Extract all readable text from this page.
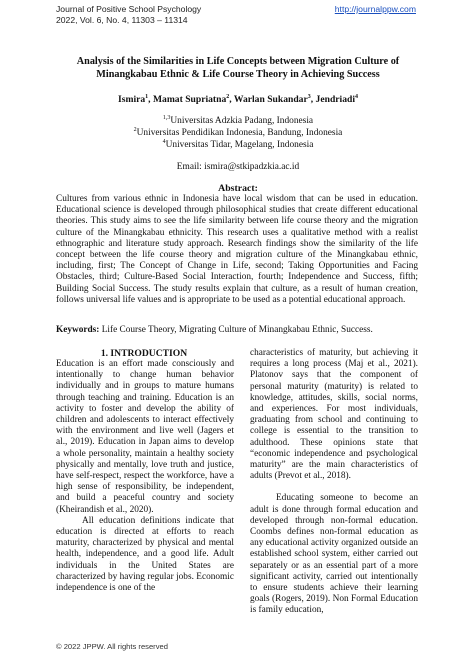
Journal of Positive School Psychology
2022, Vol. 6, No. 4, 11303 – 11314
http://journalppw.com
Analysis of the Similarities in Life Concepts between Migration Culture of Minangkabau Ethnic & Life Course Theory in Achieving Success
Ismira$^1$, Mamat Supriatna$^2$, Warlan Sukandar$^3$, Jendriadi$^4$
$^{1,3}$Universitas Adzkia Padang, Indonesia
$^2$Universitas Pendidikan Indonesia, Bandung, Indonesia
$^4$Universitas Tidar, Magelang, Indonesia
Email: ismira@stkipadzkia.ac.id
Abstract:
Cultures from various ethnic in Indonesia have local wisdom that can be used in education. Educational science is developed through philosophical studies that create different educational theories. This study aims to see the life similarity between life course theory and the migration culture of the Minangkabau ethnicity. This research uses a qualitative method with a realist ethnographic and literature study approach. Research findings show the similarity of the life concept between the life course theory and migration culture of the Minangkabau ethnic, including, first; The Concept of Change in Life, second; Taking Opportunities and Facing Obstacles, third; Culture-Based Social Interaction, fourth; Independence and Success, fifth; Building Social Success. The study results explain that culture, as a result of human creation, follows universal life values and is appropriate to be used as a potential educational approach.
Keywords: Life Course Theory, Migrating Culture of Minangkabau Ethnic, Success.
1. INTRODUCTION

Education is an effort made consciously and intentionally to change human behavior individually and in groups to mature humans through teaching and training. Education is an activity to foster and develop the ability of children and adolescents to interact effectively with the environment and live well (Jagers et al., 2019). Education in Japan aims to develop a whole personality, maintain a healthy society physically and mentally, love truth and justice, have self-respect, respect the workforce, have a high sense of responsibility, be independent, and build a peaceful country and society (Kheirandish et al., 2020).

All education definitions indicate that education is directed at efforts to reach maturity, characterized by physical and mental health, independence, and a good life. Adult individuals in the United States are characterized by having regular jobs. Economic independence is one of the

characteristics of maturity, but achieving it requires a long process (Maj et al., 2021). Platonov says that the component of personal maturity (maturity) is related to knowledge, attitudes, skills, social norms, and experiences. For most individuals, graduating from school and continuing to college is essential to the transition to adulthood. These opinions state that “economic independence and psychological maturity” are the main characteristics of adults (Prevot et al., 2018).

Educating someone to become an adult is done through formal education and developed through non-formal education. Coombs defines non-formal education as any educational activity organized outside an established school system, either carried out separately or as an essential part of a more significant activity, carried out intentionally to ensure students achieve their learning goals (Rogers, 2019). Non Formal Education is family education,

© 2022 JPPW. All rights reserved
